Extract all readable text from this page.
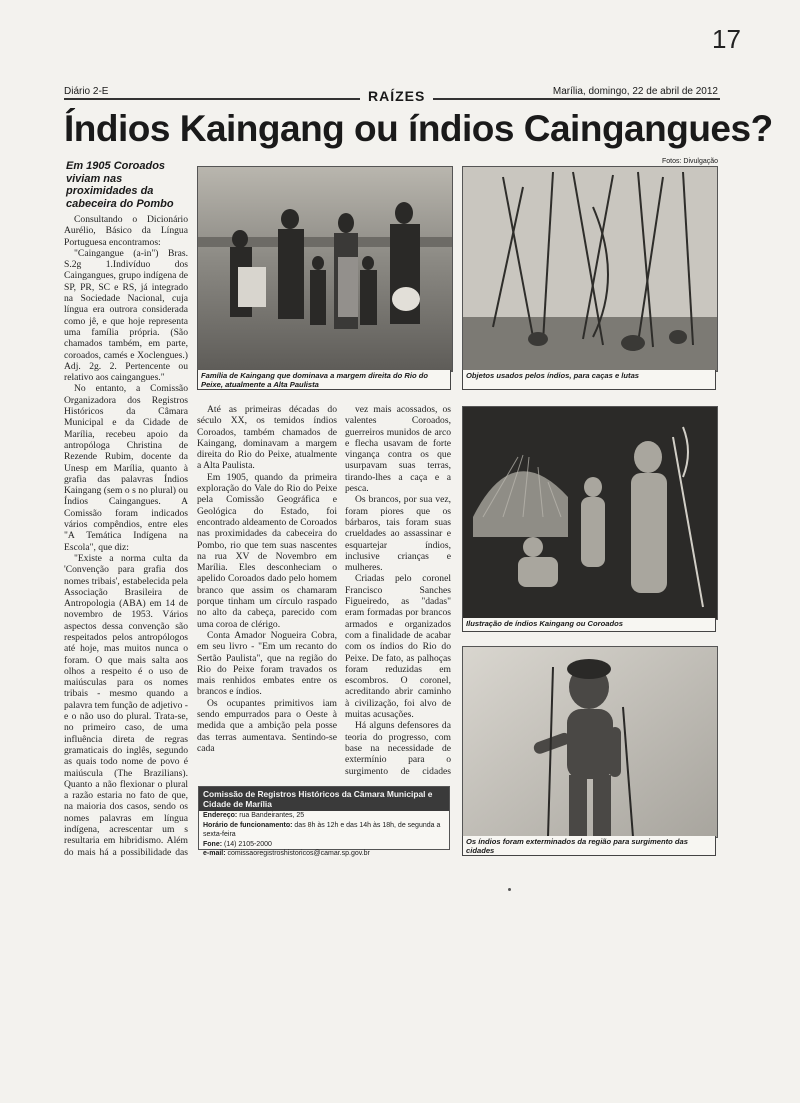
17
Diário 2-E	Marília, domingo, 22 de abril de 2012
RAÍZES
Índios Kaingang ou índios Caingangues?
Em 1905 Coroados viviam nas proximidades da cabeceira do Pombo
Fotos: Divulgação

Consultando o Dicionário Aurélio, Básico da Língua Portuguesa encontramos:

"Caingangue (a-in") Bras. S.2g 1.Indivíduo dos Caingangues, grupo indígena de SP, PR, SC e RS, já integrado na Sociedade Nacional, cuja língua era outrora considerada como jê, e que hoje representa uma família própria. (São chamados também, em parte, coroados, camés e Xoclengues.) Adj. 2g. 2. Pertencente ou relativo aos caingangues."

No entanto, a Comissão Organizadora dos Registros Históricos da Câmara Municipal e da Cidade de Marília, recebeu apoio da antropóloga Christina de Rezende Rubim, docente da Unesp em Marília, quanto à grafia das palavras Índios Kaingang (sem o s no plural) ou Índios Caingangues. A Comissão foram indicados vários compêndios, entre eles "A Temática Indígena na Escola", que diz:

"Existe a norma culta da 'Convenção para grafia dos nomes tribais', estabelecida pela Associação Brasileira de Antropologia (ABA) em 14 de novembro de 1953. Vários aspectos dessa convenção são respeitados pelos antropólogos até hoje, mas muitos nunca o foram. O que mais salta aos olhos a respeito é o uso de maiúsculas para os nomes tribais - mesmo quando a palavra tem função de adjetivo - e o não uso do plural. Trata-se, no primeiro caso, de uma influência direta de regras gramaticais do inglês, segundo as quais todo nome de povo é maiúscula (The Brazilians). Quanto a não flexionar o plural a razão estaria no fato de que, na maioria dos casos, sendo os nomes palavras em língua indígena, acrescentar um s resultaria em hibridismo. Além do mais há a possibilidade das

Família de Kaingang que dominava a margem direita do Rio do Peixe, atualmente a Alta Paulista

Até as primeiras décadas do século XX, os temidos índios Coroados, também chamados de Kaingang, dominavam a margem direita do Rio do Peixe, atualmente a Alta Paulista.

Em 1905, quando da primeira exploração do Vale do Rio do Peixe pela Comissão Geográfica e Geológica do Estado, foi encontrado aldeamento de Coroados nas proximidades da cabeceira do Pombo, rio que tem suas nascentes na rua XV de Novembro em Marília. Eles desconheciam o apelido Coroados dado pelo homem branco que assim os chamaram porque tinham um círculo raspado no alto da cabeça, parecido com uma coroa de clérigo.

Conta Amador Nogueira Cobra, em seu livro - "Em um recanto do Sertão Paulista", que na região do Rio do Peixe foram travados os mais renhidos embates entre os brancos e índios.

Os ocupantes primitivos iam sendo empurrados para o Oeste à medida que a ambição pela posse das terras aumentava. Sentindo-se cada

vez mais acossados, os valentes Coroados, guerreiros munidos de arco e flecha usavam de forte vingança contra os que usurpavam suas terras, tirando-lhes a caça e a pesca.

Os brancos, por sua vez, foram piores que os bárbaros, tais foram suas crueldades ao assassinar e esquartejar índios, inclusive crianças e mulheres.

Criadas pelo coronel Francisco Sanches Figueiredo, as "dadas" eram formadas por brancos armados e organizados com a finalidade de acabar com os índios do Rio do Peixe. De fato, as palhoças foram reduzidas em escombros. O coronel, acreditando abrir caminho à civilização, foi alvo de muitas acusações.

Há alguns defensores da teoria do progresso, com base na necessidade de extermínio para o surgimento de cidades

Comissão de Registros Históricos da Câmara Municipal e Cidade de Marília
Endereço: rua Bandeirantes, 25
Horário de funcionamento: das 8h às 12h e das 14h às 18h, de segunda a sexta-feira
Fone: (14) 2105-2000
e-mail: comissaoregistroshistoricos@camar.sp.gov.br
Objetos usados pelos índios, para caças e lutas
Ilustração de índios Kaingang ou Coroados
Os índios foram exterminados da região para surgimento das cidades
